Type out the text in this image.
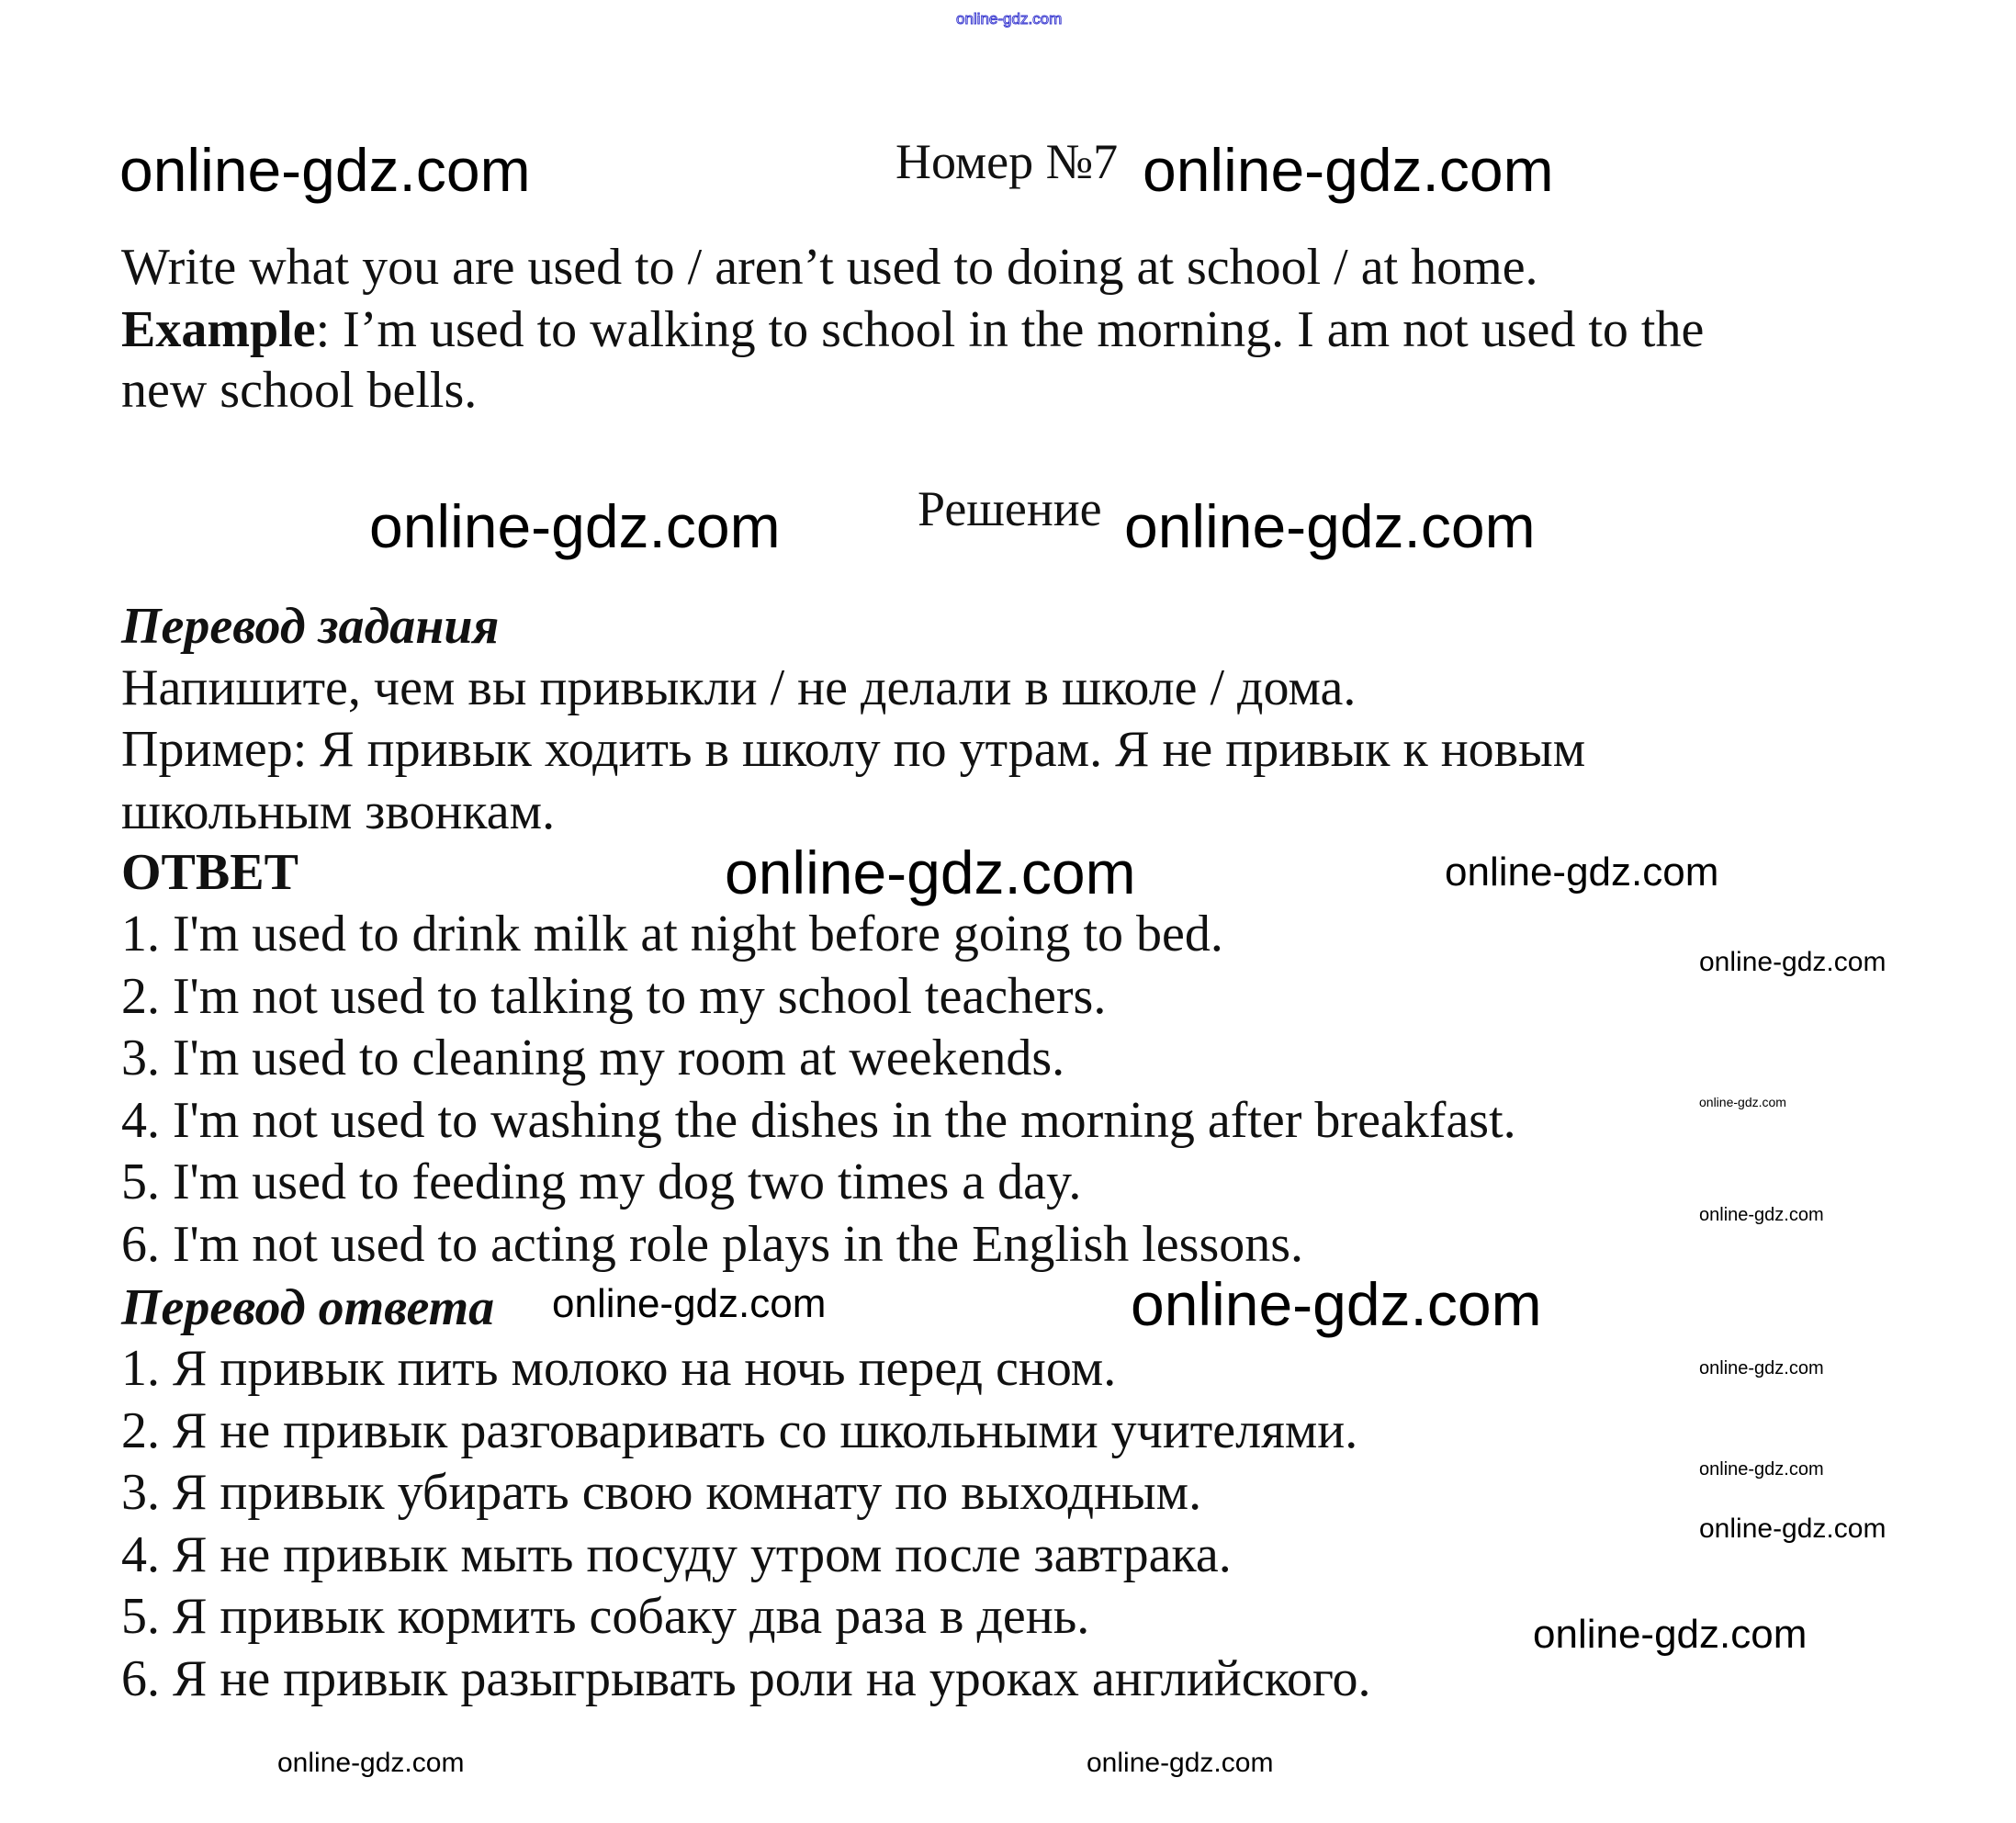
online-gdz.com
Номер №7
Write what you are used to / aren’t used to doing at school / at home.
Example: I’m used to walking to school in the morning. I am not used to the
new school bells.
Решение
Перевод задания
Напишите, чем вы привыкли / не делали в школе / дома.
Пример: Я привык ходить в школу по утрам. Я не привык к новым
школьным звонкам.
ОТВЕТ
1. I'm used to drink milk at night before going to bed.
2. I'm not used to talking to my school teachers.
3. I'm used to cleaning my room at weekends.
4. I'm not used to washing the dishes in the morning after breakfast.
5. I'm used to feeding my dog two times a day.
6. I'm not used to acting role plays in the English lessons.
Перевод ответа
1. Я привык пить молоко на ночь перед сном.
2. Я не привык разговаривать со школьными учителями.
3. Я привык убирать свою комнату по выходным.
4. Я не привык мыть посуду утром после завтрака.
5. Я привык кормить собаку два раза в день.
6. Я не привык разыгрывать роли на уроках английского.
online-gdz.com	online-gdz.com
online-gdz.com	online-gdz.com
online-gdz.com
online-gdz.com
online-gdz.com
online-gdz.com
online-gdz.com
online-gdz.com
online-gdz.com
online-gdz.com
online-gdz.com
online-gdz.com
online-gdz.com
online-gdz.com	online-gdz.com
